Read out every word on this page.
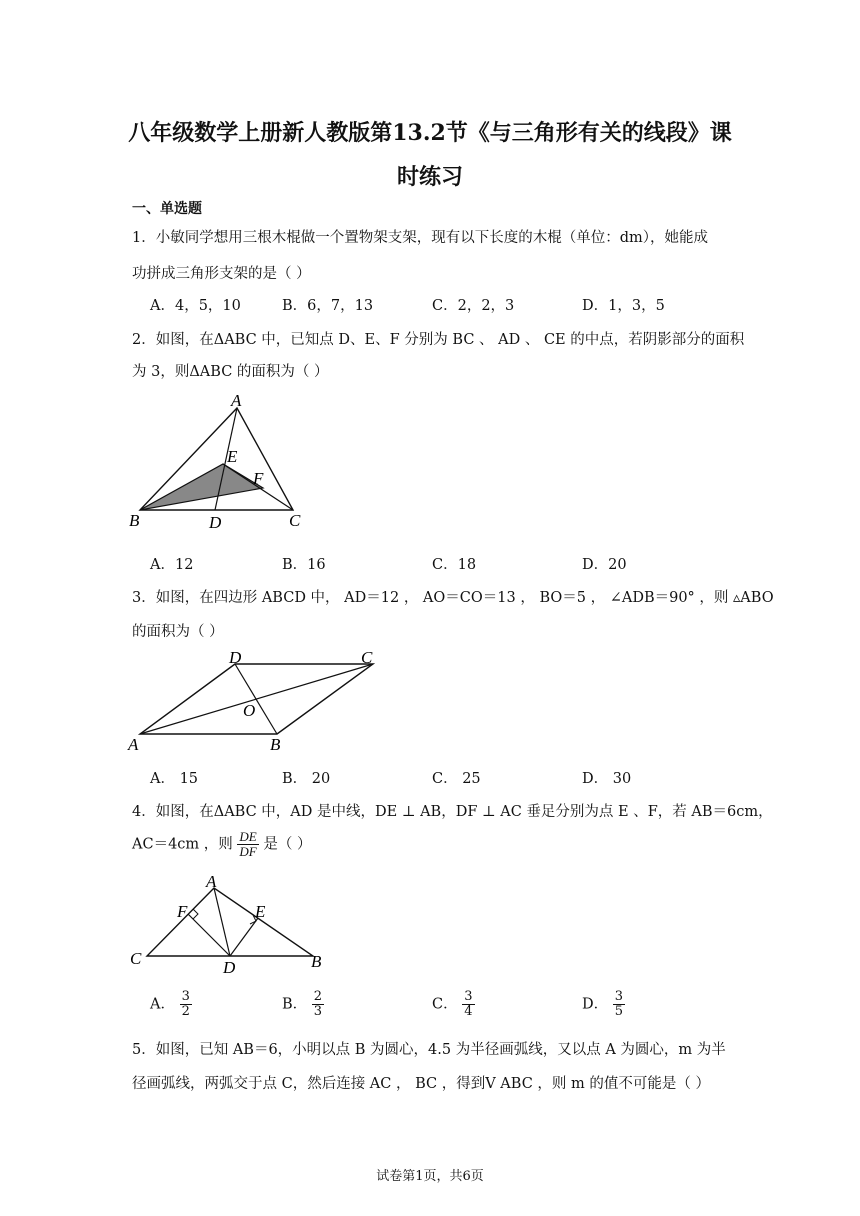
八年级数学上册新人教版第13.2节《与三角形有关的线段》课
时练习
一、单选题
1．小敏同学想用三根木棍做一个置物架支架，现有以下长度的木棍（单位：dm），她能成
功拼成三角形支架的是（ ）
A．4，5，10	B．6，7，13	C．2，2，3	D．1，3，5
2．如图，在ΔABC 中，已知点 D、E、F 分别为 BC 、 AD 、 CE 的中点，若阴影部分的面积
为 3，则ΔABC 的面积为（ ）
A
B	C
D
E
F
A．12	B．16	C．18	D．20
3．如图，在四边形 ABCD 中， AD＝12 ， AO＝CO＝13 ， BO＝5 ， ∠ADB＝90° ，则 ▵ABO
的面积为（ ）
A	B
C
D
O
A． 15	B． 20	C． 25	D． 30
4．如图，在ΔABC 中，AD 是中线，DE ⊥ AB，DF ⊥ AC 垂足分别为点 E 、F，若 AB＝6cm，
AC＝4cm ，则 $\frac{DE}{DF}$ 是（ ）
A
B
C	D
E
F
A． $\frac{3}{2}$	B． $\frac{2}{3}$	C． $\frac{3}{4}$	D． $\frac{3}{5}$
5．如图，已知 AB＝6，小明以点 B 为圆心，4.5 为半径画弧线，又以点 A 为圆心，m 为半
径画弧线，两弧交于点 C，然后连接 AC ， BC ，得到V ABC ，则 m 的值不可能是（ ）
试卷第1页，共6页
